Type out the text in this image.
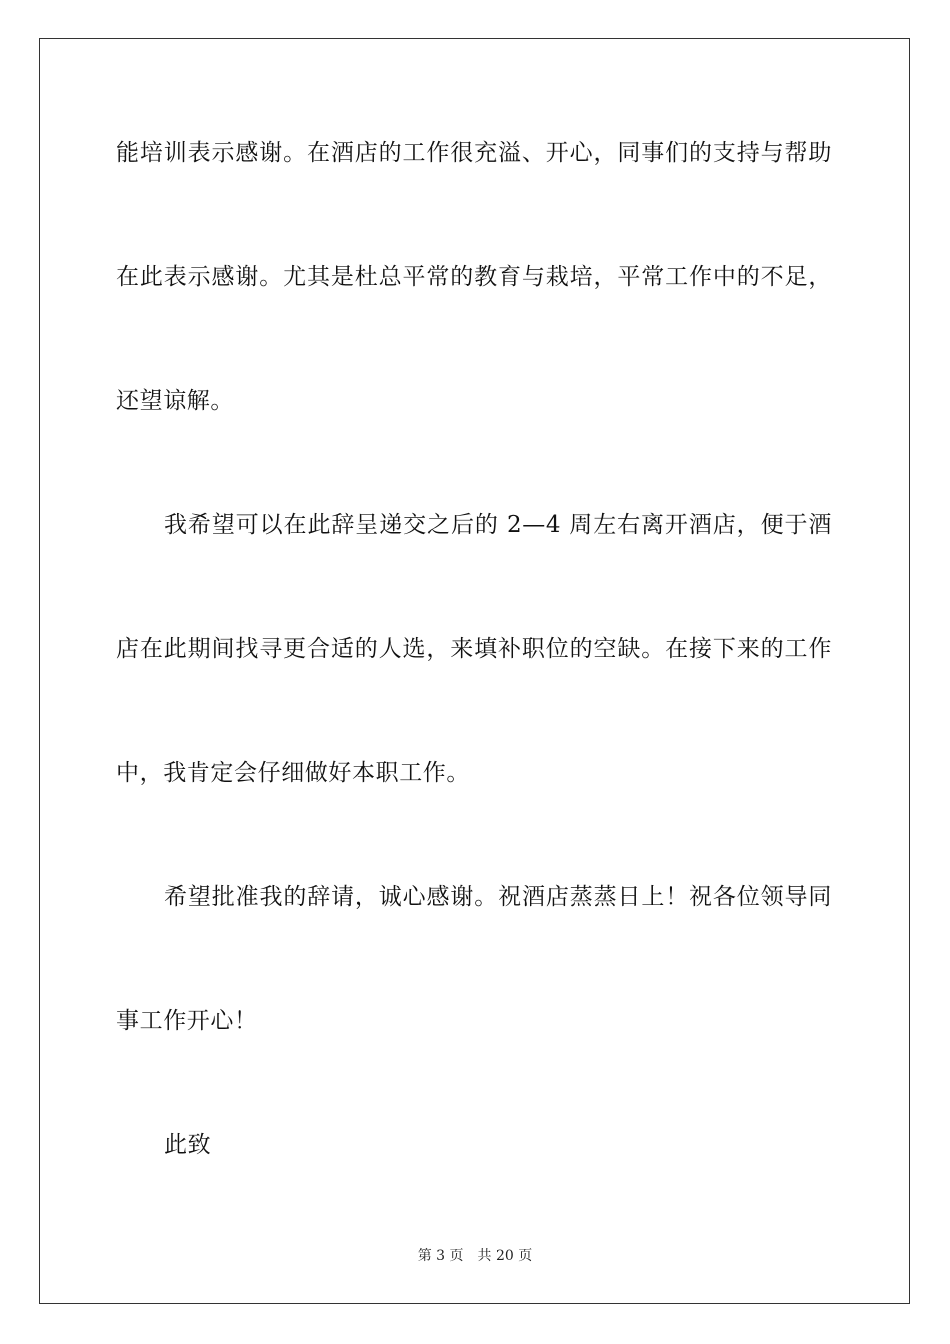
能培训表示感谢。在酒店的工作很充溢、开心，同事们的支持与帮助
在此表示感谢。尤其是杜总平常的教育与栽培，平常工作中的不足，
还望谅解。
我希望可以在此辞呈递交之后的 2—4 周左右离开酒店，便于酒
店在此期间找寻更合适的人选，来填补职位的空缺。在接下来的工作
中，我肯定会仔细做好本职工作。
希望批准我的辞请，诚心感谢。祝酒店蒸蒸日上！祝各位领导同
事工作开心！
此致
第 3 页 共 20 页
